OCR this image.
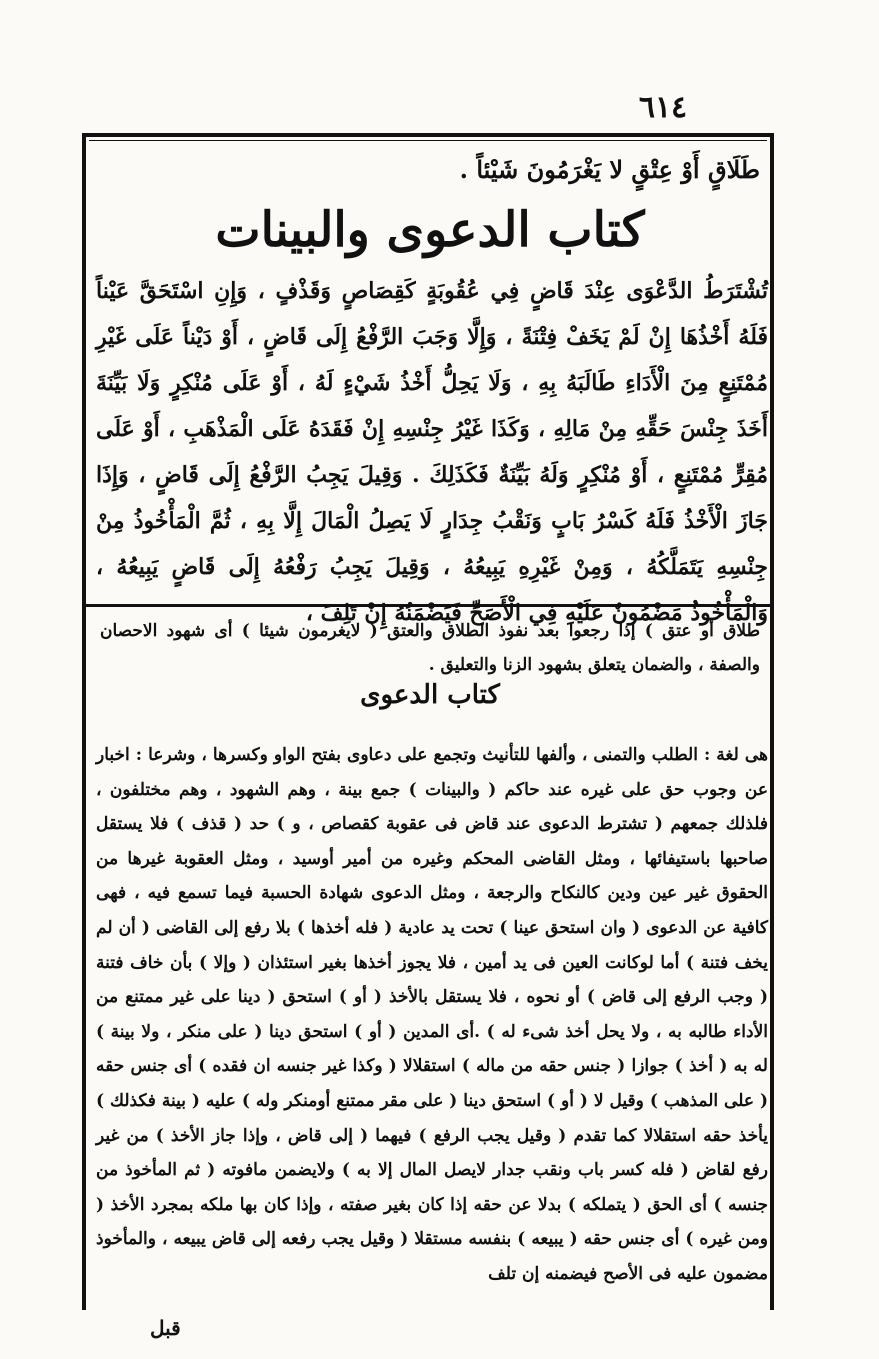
٦١٤
طَلَاقٍ أَوْ عِتْقٍ لا يَغْرَمُونَ شَيْئاً .
كتاب الدعوى والبينات

تُشْتَرَطُ الدَّعْوَى عِنْدَ قَاضٍ فِي عُقُوبَةٍ كَقِصَاصٍ وَقَذْفٍ ، وَإِنِ اسْتَحَقَّ عَيْناً فَلَهُ أَخْذُهَا إِنْ لَمْ يَخَفْ فِتْنَةً ، وَإِلَّا وَجَبَ الرَّفْعُ إِلَى قَاضٍ ، أَوْ دَيْناً عَلَى غَيْرِ مُمْتَنِعٍ مِنَ الْأَدَاءِ طَالَبَهُ بِهِ ، وَلَا يَحِلُّ أَخْذُ شَيْءٍ لَهُ ، أَوْ عَلَى مُنْكِرٍ وَلَا بَيِّنَةَ أَخَذَ جِنْسَ حَقِّهِ مِنْ مَالِهِ ، وَكَذَا غَيْرُ جِنْسِهِ إِنْ فَقَدَهُ عَلَى الْمَذْهَبِ ، أَوْ عَلَى مُقِرٍّ مُمْتَنِعٍ ، أَوْ مُنْكِرٍ وَلَهُ بَيِّنَةٌ فَكَذَلِكَ . وَقِيلَ يَجِبُ الرَّفْعُ إِلَى قَاضٍ ، وَإِذَا جَازَ الْأَخْذُ فَلَهُ كَسْرُ بَابٍ وَنَقْبُ جِدَارٍ لَا يَصِلُ الْمَالَ إِلَّا بِهِ ، ثُمَّ الْمَأْخُوذُ مِنْ جِنْسِهِ يَتَمَلَّكُهُ ، وَمِنْ غَيْرِهِ يَبِيعُهُ ، وَقِيلَ يَجِبُ رَفْعُهُ إِلَى قَاضٍ يَبِيعُهُ ، وَالْمَأْخُوذُ مَضْمُونٌ عَلَيْهِ فِي الْأَصَحِّ فَيَضْمَنُهُ إِنْ تَلِفَ ،

طلاق أو عتق ) إذا رجعوا بعد نفوذ الطلاق والعتق ( لايغرمون شيئا ) أى شهود الاحصان والصفة ، والضمان يتعلق بشهود الزنا والتعليق .

كتاب الدعوى

هى لغة : الطلب والتمنى ، وألفها للتأنيث وتجمع على دعاوى بفتح الواو وكسرها ، وشرعا : اخبار عن وجوب حق على غيره عند حاكم ( والبينات ) جمع بينة ، وهم الشهود ، وهم مختلفون ، فلذلك جمعهم ( تشترط الدعوى عند قاض فى عقوبة كقصاص ، و ) حد ( قذف ) فلا يستقل صاحبها باستيفائها ، ومثل القاضى المحكم وغيره من أمير أوسيد ، ومثل العقوبة غيرها من الحقوق غير عين ودين كالنكاح والرجعة ، ومثل الدعوى شهادة الحسبة فيما تسمع فيه ، فهى كافية عن الدعوى ( وان استحق عينا ) تحت يد عادية ( فله أخذها ) بلا رفع إلى القاضى ( أن لم يخف فتنة ) أما لوكانت العين فى يد أمين ، فلا يجوز أخذها بغير استئذان ( وإلا ) بأن خاف فتنة ( وجب الرفع إلى قاض ) أو نحوه ، فلا يستقل بالأخذ ( أو ) استحق ( دينا على غير ممتنع من الأداء طالبه به ، ولا يحل أخذ شىء له ) .أى المدين ( أو ) استحق دينا ( على منكر ، ولا بينة ) له به ( أخذ ) جوازا ( جنس حقه من ماله ) استقلالا ( وكذا غير جنسه ان فقده ) أى جنس حقه ( على المذهب ) وقيل لا ( أو ) استحق دينا ( على مقر ممتنع أومنكر وله ) عليه ( بينة فكذلك ) يأخذ حقه استقلالا كما تقدم ( وقيل يجب الرفع ) فيهما ( إلى قاض ، وإذا جاز الأخذ ) من غير رفع لقاض ( فله كسر باب ونقب جدار لايصل المال إلا به ) ولايضمن مافوته ( ثم المأخوذ من جنسه ) أى الحق ( يتملكه ) بدلا عن حقه إذا كان بغير صفته ، وإذا كان بها ملكه بمجرد الأخذ ( ومن غيره ) أى جنس حقه ( يبيعه ) بنفسه مستقلا ( وقيل يجب رفعه إلى قاض يبيعه ، والمأخوذ مضمون عليه فى الأصح فيضمنه إن تلف

قبل
